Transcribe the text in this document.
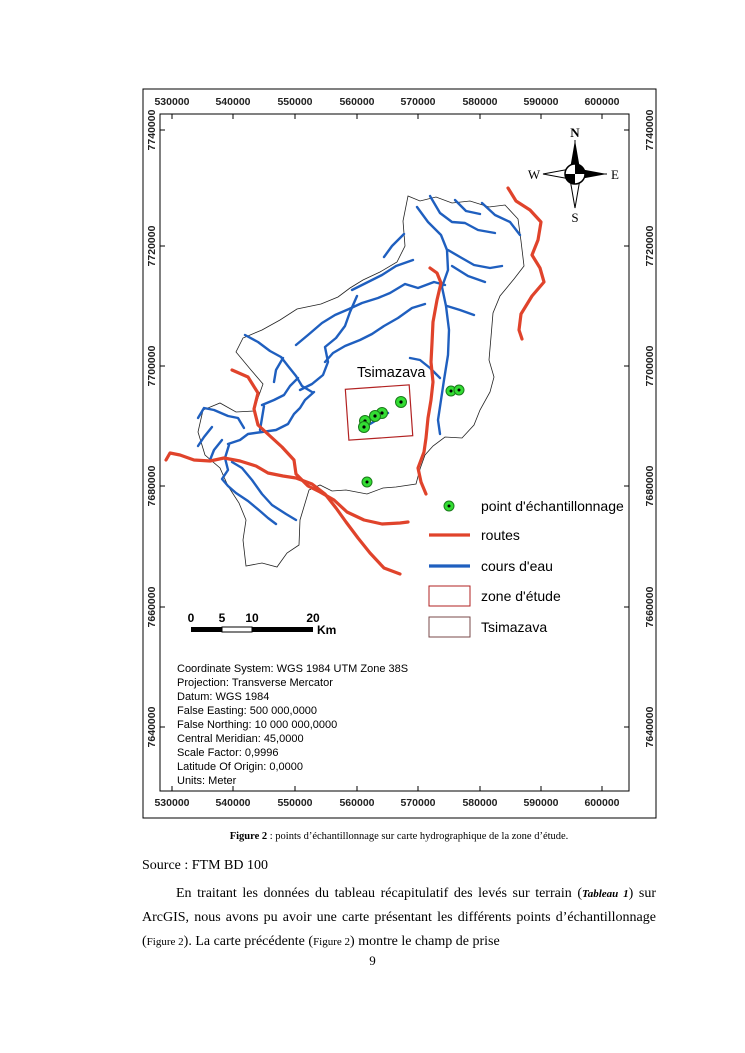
530000 540000	550000	560000 570000	580000 590000 600000
530000 540000	550000	560000 570000	580000 590000 600000
7740000
7720000
7700000
7680000
7660000
7640000
7740000
7720000
7700000
7680000
7660000
7640000
Tsimazava
N
S
W	E
point d'échantillonnage
routes
cours d'eau
zone d'étude
Tsimazava
0 5 10	20
Km
Coordinate System: WGS 1984 UTM Zone 38S
Projection: Transverse Mercator
Datum: WGS 1984
False Easting: 500 000,0000
False Northing: 10 000 000,0000
Central Meridian: 45,0000
Scale Factor: 0,9996
Latitude Of Origin: 0,0000
Units: Meter
Figure 2 : points d’échantillonnage sur carte hydrographique de la zone d’étude.
Source : FTM BD 100

En traitant les données du tableau récapitulatif des levés sur terrain (Tableau 1) sur ArcGIS, nous avons pu avoir une carte présentant les différents points d’échantillonnage (Figure 2). La carte précédente (Figure 2) montre le champ de prise

9
